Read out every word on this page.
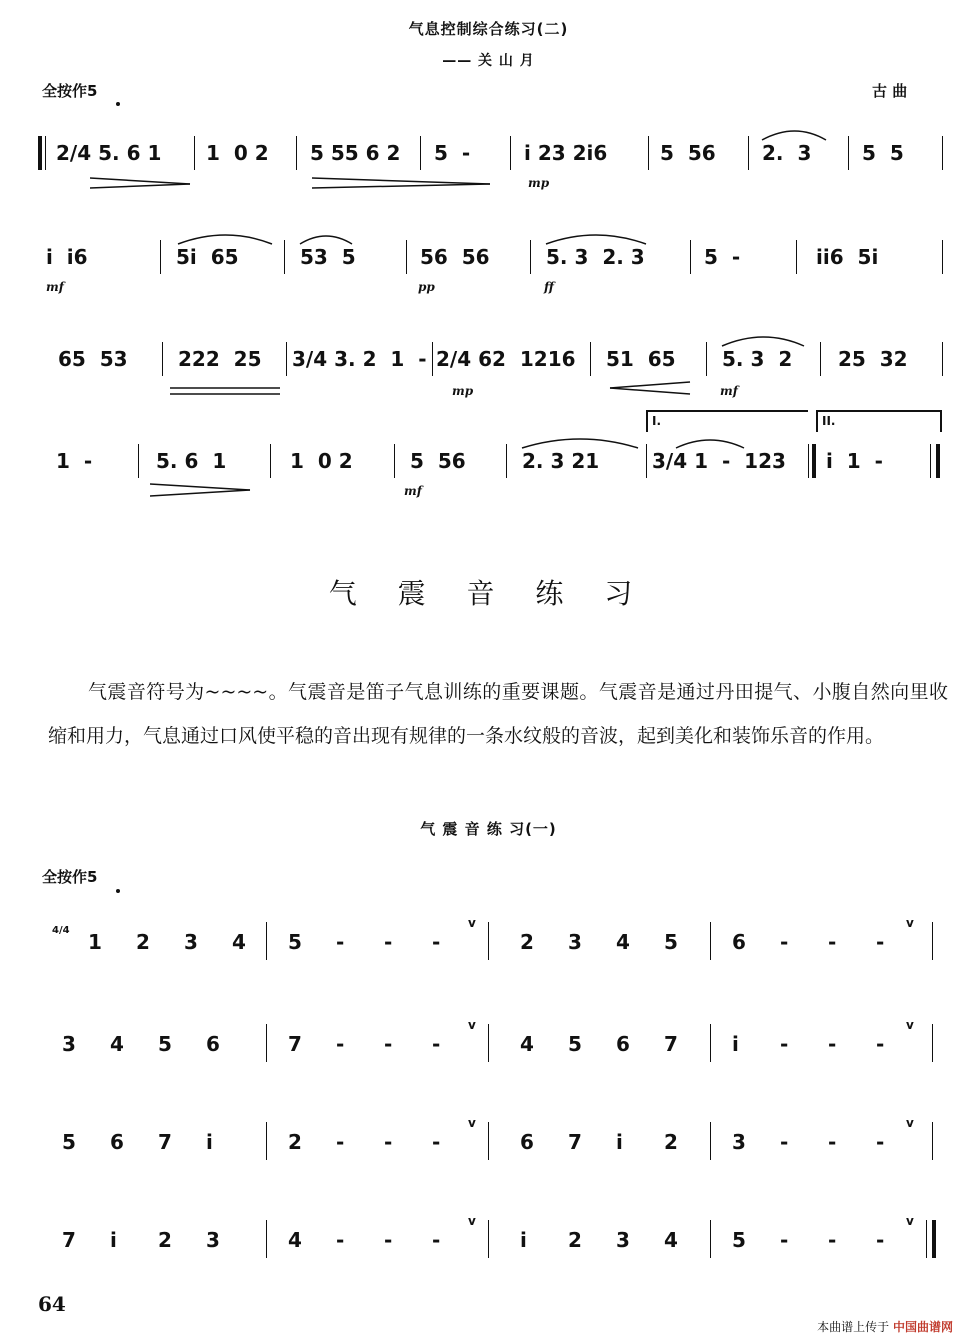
气息控制综合练习(二)
—— 关 山 月
全按作5	古 曲
2/4 5. 6 1 1  0 2 5 55 6 2 5  -	i 23 2i6	5  56 2.  3	5  5
mp
i  i6	5i  65	53  5	56  56	5. 3  2. 3	5  -	ii6  5i
mf	pp	ff
65  53	222  25 3/4 3. 2  1  - 2/4 62  1216 51  65 5. 3  2 25  32
mp	mf
1  -	5. 6  1	1  0 2	5  56	2. 3 21	3/4 1  -  123 i  1  -
I.	II.
mf
气 震 音 练 习
气震音符号为~~~~。气震音是笛子气息训练的重要课题。气震音是通过丹田提气、小腹自然向里收缩和用力，气息通过口风使平稳的音出现有规律的一条水纹般的音波，起到美化和装饰乐音的作用。
气 震 音 练 习(一)
全按作5
4/4 1 2 3 4 5 - - -
v
2 3 4 5	6 - - -
v
3 4 5 6	7 - - -
v
4 5 6 7	i - - -
v
5 6 7 i	2 - - -
v
6 7 i 2	3 - - -
v
7 i 2 3	4 - - -
v
i 2 3 4	5 - - -
v
64
本曲谱上传于 中国曲谱网
